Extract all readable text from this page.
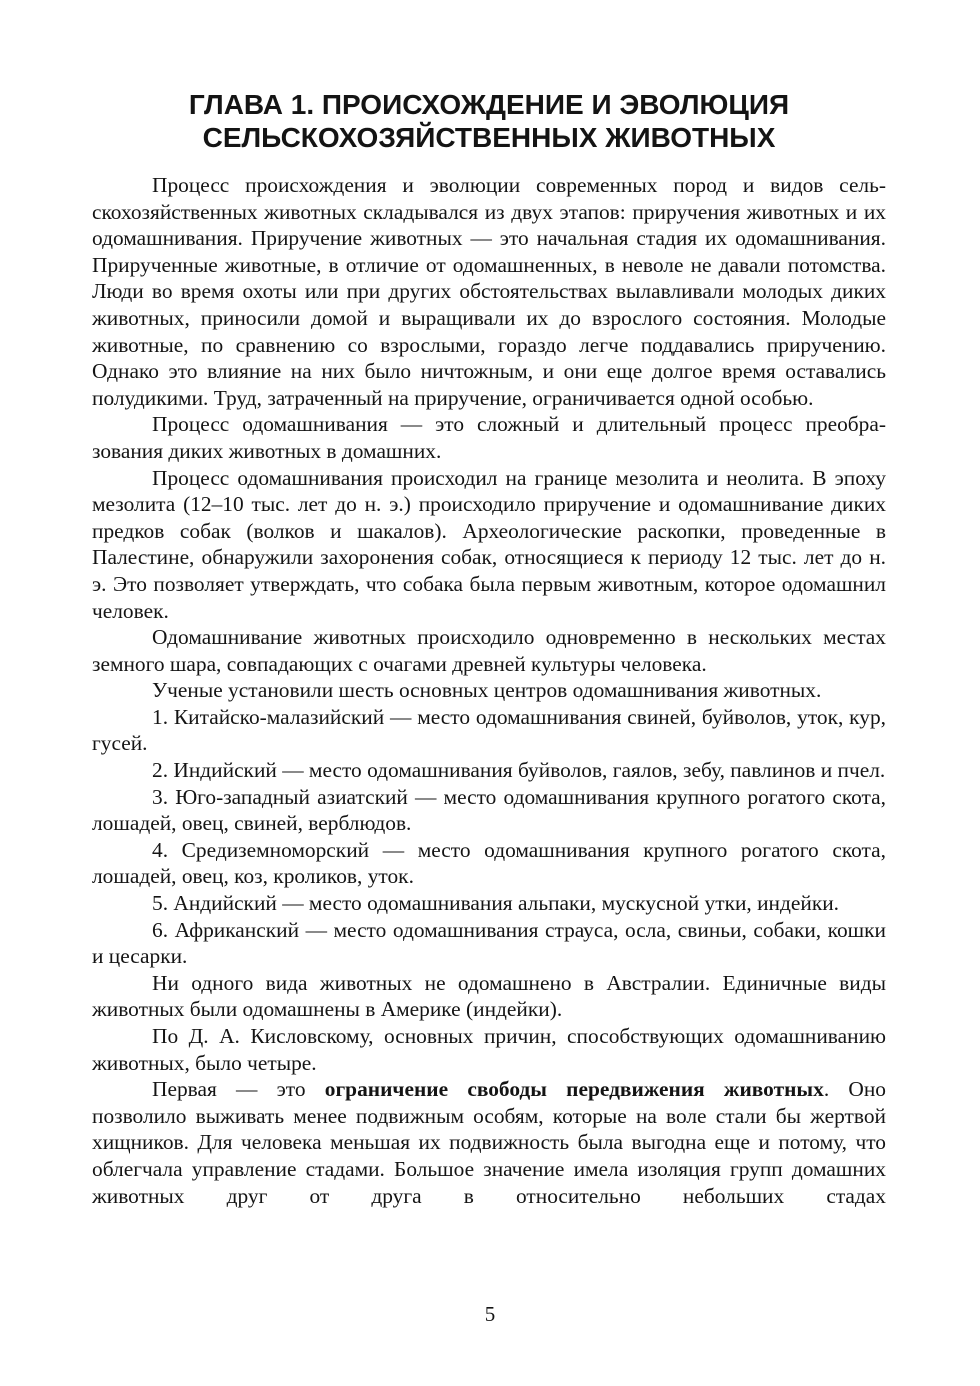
ГЛАВА 1. ПРОИСХОЖДЕНИЕ И ЭВОЛЮЦИЯ
СЕЛЬСКОХОЗЯЙСТВЕННЫХ ЖИВОТНЫХ

Процесс происхождения и эволюции современных пород и видов сельскохозяйственных животных складывался из двух этапов: приручения животных и их одомашнивания. Приручение животных — это начальная стадия их одомашнивания. Прирученные животные, в отличие от одомашненных, в неволе не давали потомства. Люди во время охоты или при других обстоятельствах вылавливали молодых диких животных, приносили домой и выращивали их до взрослого состояния. Молодые животные, по сравнению со взрослыми, гораздо легче поддавались приручению. Однако это влияние на них было ничтожным, и они еще долгое время оставались полудикими. Труд, затраченный на приручение, ограничивается одной особью.

Процесс одомашнивания — это сложный и длительный процесс преобразования диких животных в домашних.

Процесс одомашнивания происходил на границе мезолита и неолита. В эпоху мезолита (12–10 тыс. лет до н. э.) происходило приручение и одомашнивание диких предков собак (волков и шакалов). Археологические раскопки, проведенные в Палестине, обнаружили захоронения собак, относящиеся к периоду 12 тыс. лет до н. э. Это позволяет утверждать, что собака была первым животным, которое одомашнил человек.

Одомашнивание животных происходило одновременно в нескольких местах земного шара, совпадающих с очагами древней культуры человека.

Ученые установили шесть основных центров одомашнивания животных.

1. Китайско-малазийский — место одомашнивания свиней, буйволов, уток, кур, гусей.

2. Индийский — место одомашнивания буйволов, гаялов, зебу, павлинов и пчел.

3. Юго-западный азиатский — место одомашнивания крупного рогатого скота, лошадей, овец, свиней, верблюдов.

4. Средиземноморский — место одомашнивания крупного рогатого скота, лошадей, овец, коз, кроликов, уток.

5. Андийский — место одомашнивания альпаки, мускусной утки, индейки.

6. Африканский — место одомашнивания страуса, осла, свиньи, собаки, кошки и цесарки.

Ни одного вида животных не одомашнено в Австралии. Единичные виды животных были одомашнены в Америке (индейки).

По Д. А. Кисловскому, основных причин, способствующих одомашниванию животных, было четыре.

Первая — это ограничение свободы передвижения животных. Оно позволило выживать менее подвижным особям, которые на воле стали бы жертвой хищников. Для человека меньшая их подвижность была выгодна еще и потому, что облегчала управление стадами. Большое значение имела изоляция групп домашних животных друг от друга в относительно небольших стадах

5
